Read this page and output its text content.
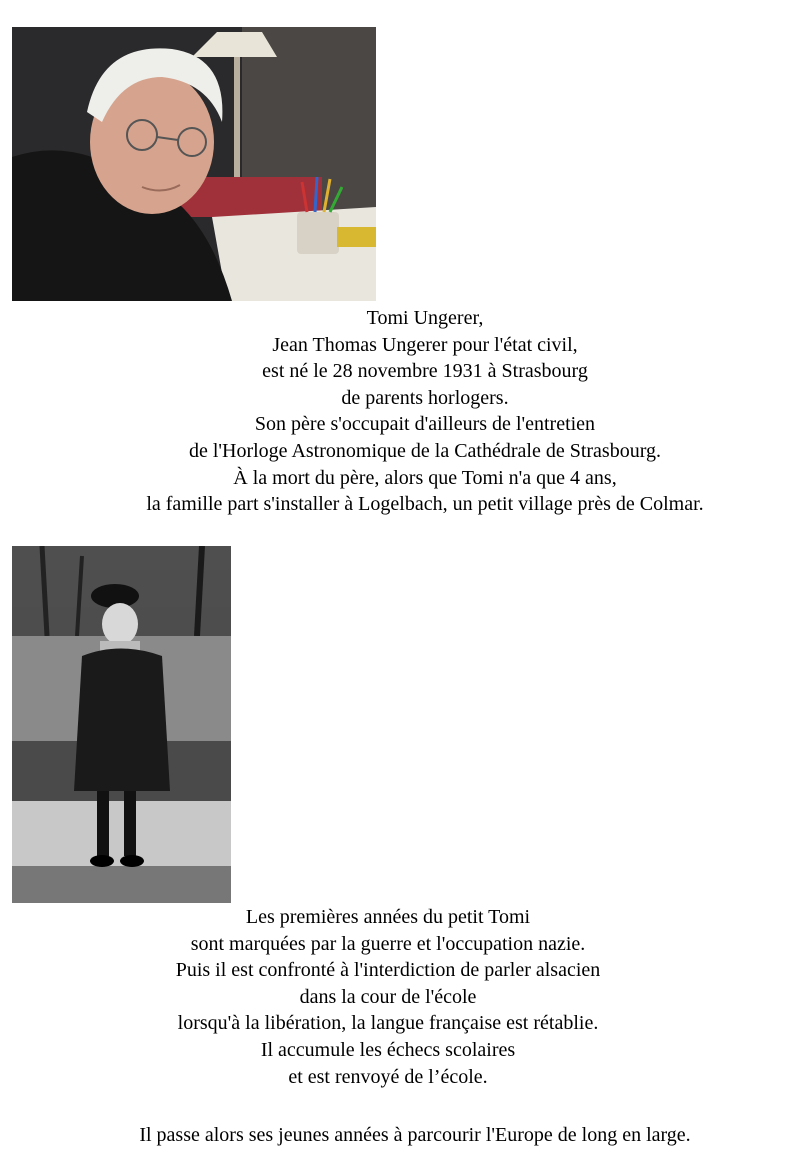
Tomi Ungerer,

Jean Thomas Ungerer pour l'état civil,

est né le 28 novembre 1931 à Strasbourg

de parents horlogers.

Son père s'occupait d'ailleurs de l'entretien

de l'Horloge Astronomique de la Cathédrale de Strasbourg.

À la mort du père, alors que Tomi n'a que 4 ans,

la famille part s'installer à Logelbach, un petit village près de Colmar.

Les premières années du petit Tomi

sont marquées par la guerre et l'occupation nazie.

Puis il est confronté à l'interdiction de parler alsacien

dans la cour de l'école

lorsqu'à la libération, la langue française est rétablie.

Il accumule les échecs scolaires

et est renvoyé de l’école.

Il passe alors ses jeunes années à parcourir l'Europe de long en large.
